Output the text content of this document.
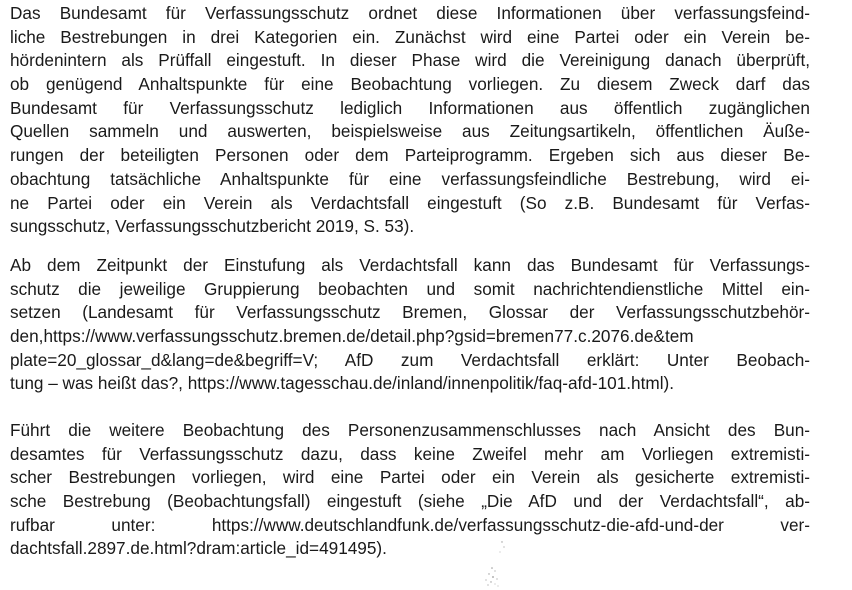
Das Bundesamt für Verfassungsschutz ordnet diese Informationen über verfassungsfeind-
liche Bestrebungen in drei Kategorien ein. Zunächst wird eine Partei oder ein Verein be-
hördenintern als Prüffall eingestuft. In dieser Phase wird die Vereinigung danach überprüft,
ob genügend Anhaltspunkte für eine Beobachtung vorliegen. Zu diesem Zweck darf das
Bundesamt für Verfassungsschutz lediglich Informationen aus öffentlich zugänglichen
Quellen sammeln und auswerten, beispielsweise aus Zeitungsartikeln, öffentlichen Äuße-
rungen der beteiligten Personen oder dem Parteiprogramm. Ergeben sich aus dieser Be-
obachtung tatsächliche Anhaltspunkte für eine verfassungsfeindliche Bestrebung, wird ei-
ne Partei oder ein Verein als Verdachtsfall eingestuft (So z.B. Bundesamt für Verfas-
sungsschutz, Verfassungsschutzbericht 2019, S. 53).
Ab dem Zeitpunkt der Einstufung als Verdachtsfall kann das Bundesamt für Verfassungs-
schutz die jeweilige Gruppierung beobachten und somit nachrichtendienstliche Mittel ein-
setzen (Landesamt für Verfassungsschutz Bremen, Glossar der Verfassungsschutzbehör-
den,https://www.verfassungsschutz.bremen.de/detail.php?gsid=bremen77.c.2076.de&tem
plate=20_glossar_d&lang=de&begriff=V; AfD zum Verdachtsfall erklärt: Unter Beobach-
tung – was heißt das?, https://www.tagesschau.de/inland/innenpolitik/faq-afd-101.html).
Führt die weitere Beobachtung des Personenzusammenschlusses nach Ansicht des Bun-
desamtes für Verfassungsschutz dazu, dass keine Zweifel mehr am Vorliegen extremisti-
scher Bestrebungen vorliegen, wird eine Partei oder ein Verein als gesicherte extremisti-
sche Bestrebung (Beobachtungsfall) eingestuft (siehe „Die AfD und der Verdachtsfall“, ab-
rufbar unter: https://www.deutschlandfunk.de/verfassungsschutz-die-afd-und-der ver-
dachtsfall.2897.de.html?dram:article_id=491495).
